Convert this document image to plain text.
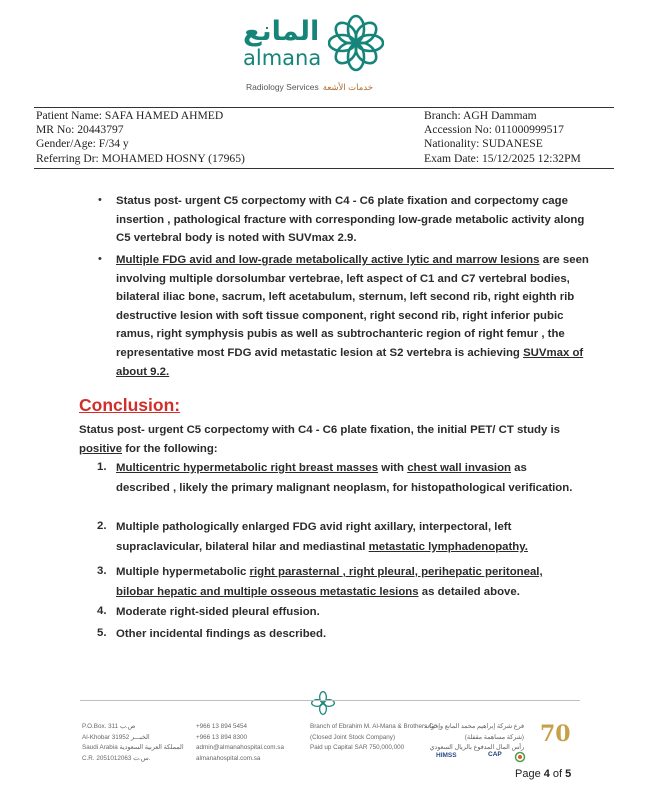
المانع
almana
Radiology Services خدمات الأشعة
Patient Name: SAFA HAMED AHMED
MR No: 20443797
Gender/Age: F/34 y
Referring Dr: MOHAMED HOSNY (17965)
Branch: AGH Dammam
Accession No: 011000999517
Nationality: SUDANESE
Exam Date: 15/12/2025 12:32PM
• Status post- urgent C5 corpectomy with C4 - C6 plate fixation and corpectomy cage insertion , pathological fracture with corresponding low-grade metabolic activity along C5 vertebral body is noted with SUVmax 2.9.
• Multiple FDG avid and low-grade metabolically active lytic and marrow lesions are seen involving multiple dorsolumbar vertebrae, left aspect of C1 and C7 vertebral bodies, bilateral iliac bone, sacrum, left acetabulum, sternum, left second rib, right eighth rib destructive lesion with soft tissue component, right second rib, right inferior pubic ramus, right symphysis pubis as well as subtrochanteric region of right femur , the representative most FDG avid metastatic lesion at S2 vertebra is achieving SUVmax of about 9.2.
Conclusion:
Status post- urgent C5 corpectomy with C4 - C6 plate fixation, the initial PET/ CT study is positive for the following:
1. Multicentric hypermetabolic right breast masses with chest wall invasion as described , likely the primary malignant neoplasm, for histopathological verification.
2. Multiple pathologically enlarged FDG avid right axillary, interpectoral, left supraclavicular, bilateral hilar and mediastinal metastatic lymphadenopathy.
3. Multiple hypermetabolic right parasternal , right pleural, perihepatic peritoneal, bilobar hepatic and multiple osseous metastatic lesions as detailed above.
4. Moderate right-sided pleural effusion.
5. Other incidental findings as described.
P.O.Box. 311 ص.ب
Al-Khobar 31952 الخبـــر
Saudi Arabia المملكة العربية السعودية
C.R. 2051012063 س.ت.
+966 13 894 5454
+966 13 894 8300
admin@almanahospital.com.sa
almanahospital.com.sa
Branch of Ebrahim M. Al-Mana & Brothers Co.
(Closed Joint Stock Company)
Paid up Capital SAR 750,000,000
فرع شركة إبراهيم محمد المانع وإخوانه
(شركة مساهمة مقفلة)
رأس المال المدفوع بالريال السعودي
HIMSS	CAP
70
Page 4 of 5
